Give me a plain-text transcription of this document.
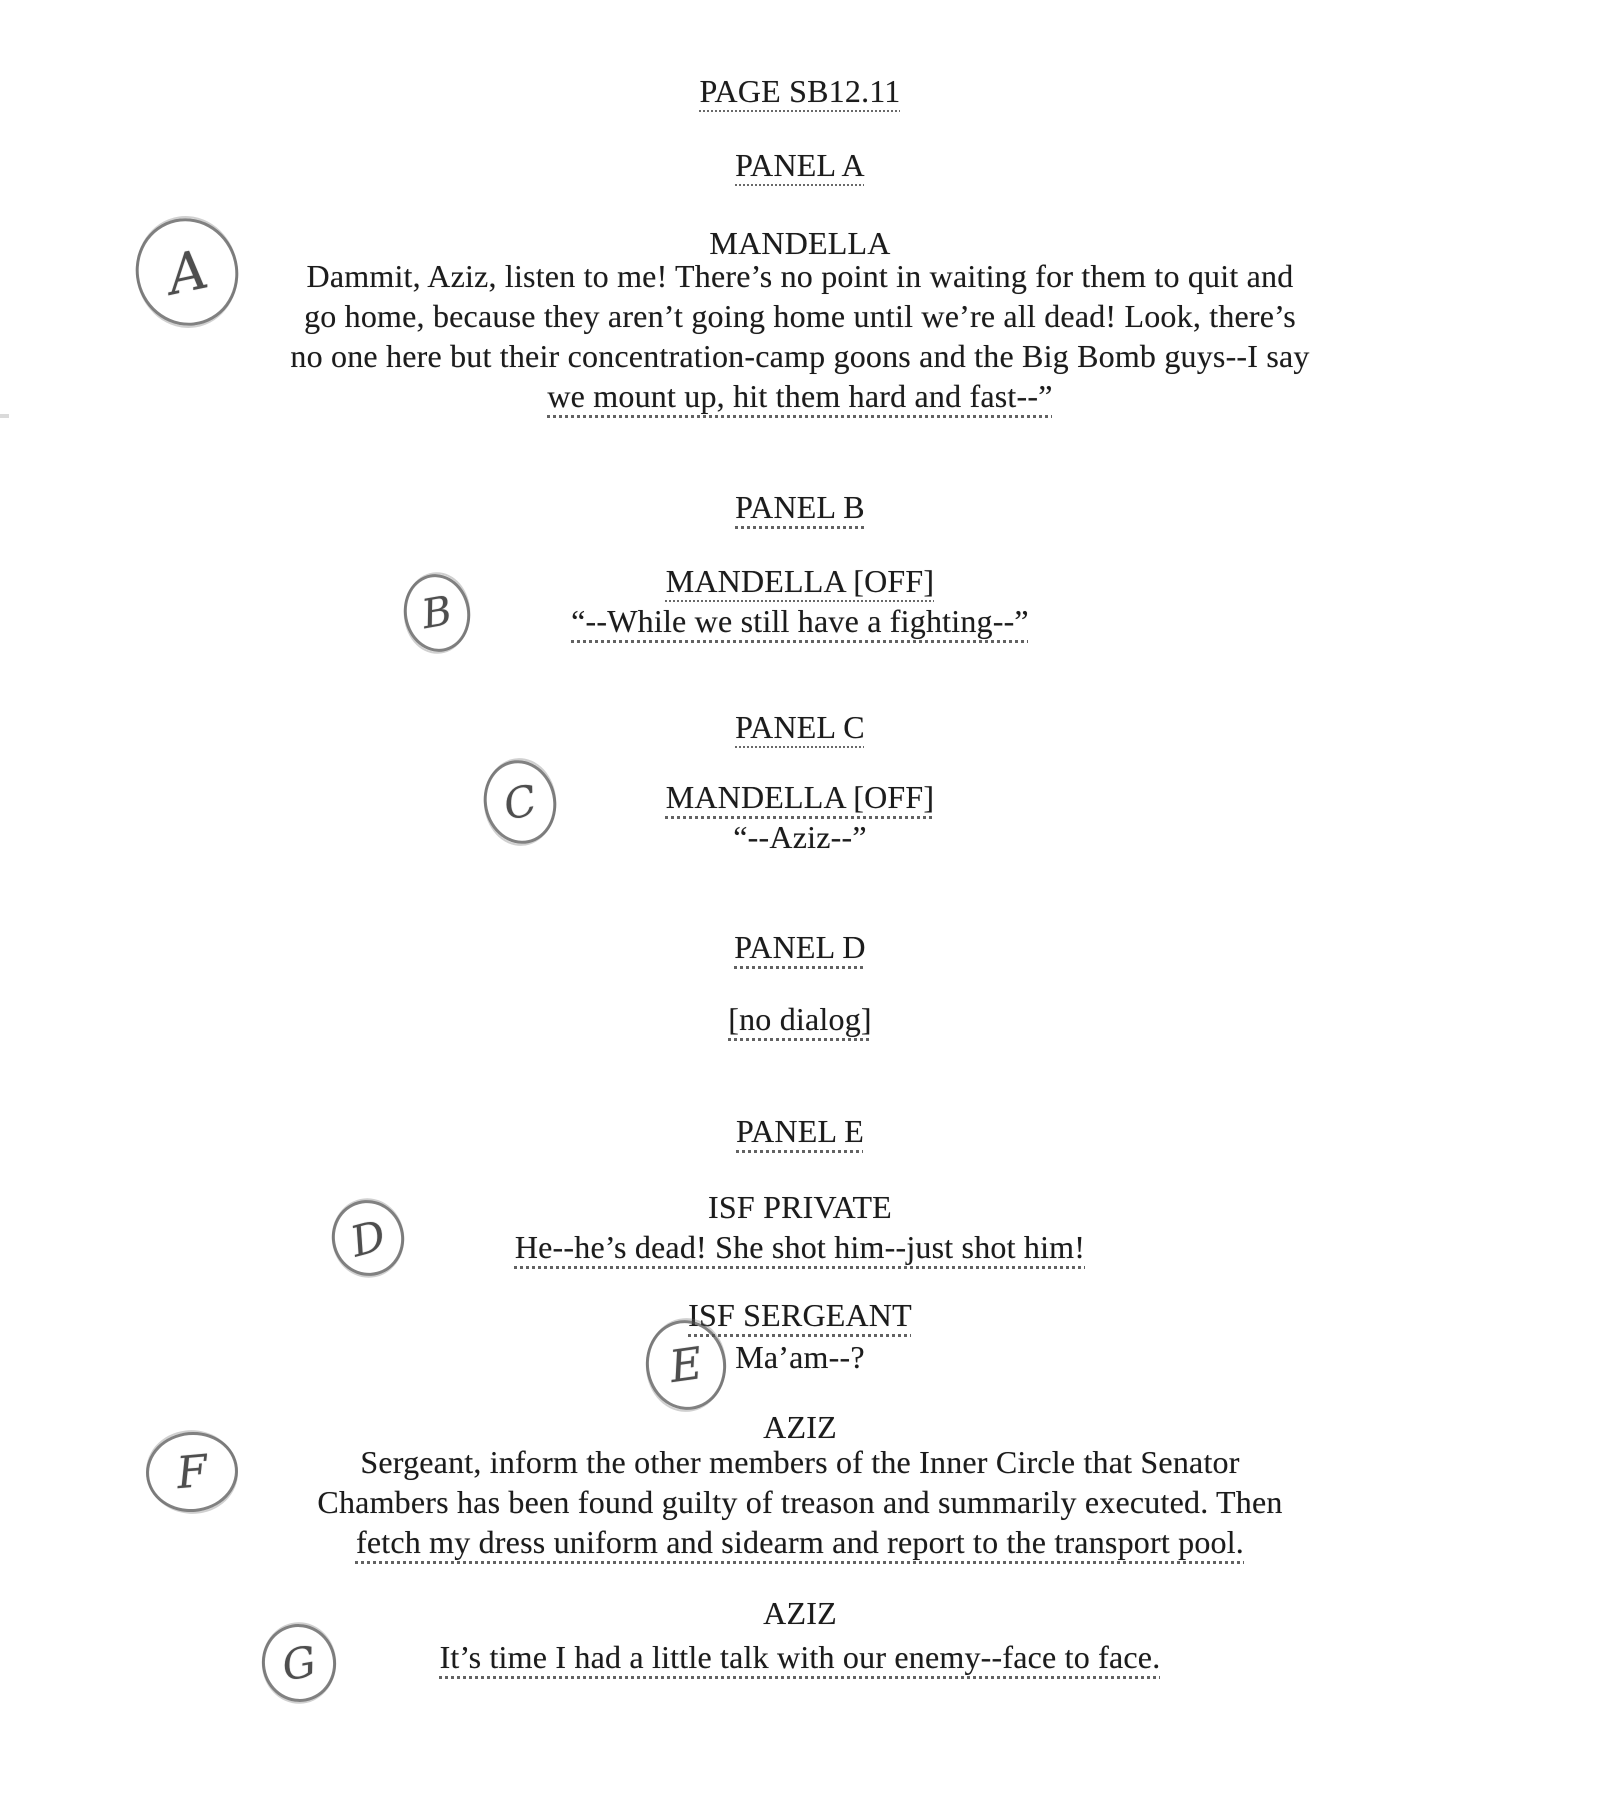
PAGE SB12.11
PANEL A
MANDELLA
Dammit, Aziz, listen to me! There’s no point in waiting for them to quit and
go home, because they aren’t going home until we’re all dead! Look, there’s
no one here but their concentration-camp goons and the Big Bomb guys--I say
we mount up, hit them hard and fast--”
A
PANEL B
MANDELLA [OFF]
“--While we still have a fighting--”
B
PANEL C
MANDELLA [OFF]
“--Aziz--”
C
PANEL D
[no dialog]
PANEL E
ISF PRIVATE
He--he’s dead! She shot him--just shot him!
D
ISF SERGEANT
Ma’am--?
E
AZIZ
Sergeant, inform the other members of the Inner Circle that Senator
Chambers has been found guilty of treason and summarily executed. Then
fetch my dress uniform and sidearm and report to the transport pool.
F
AZIZ
It’s time I had a little talk with our enemy--face to face.
G
